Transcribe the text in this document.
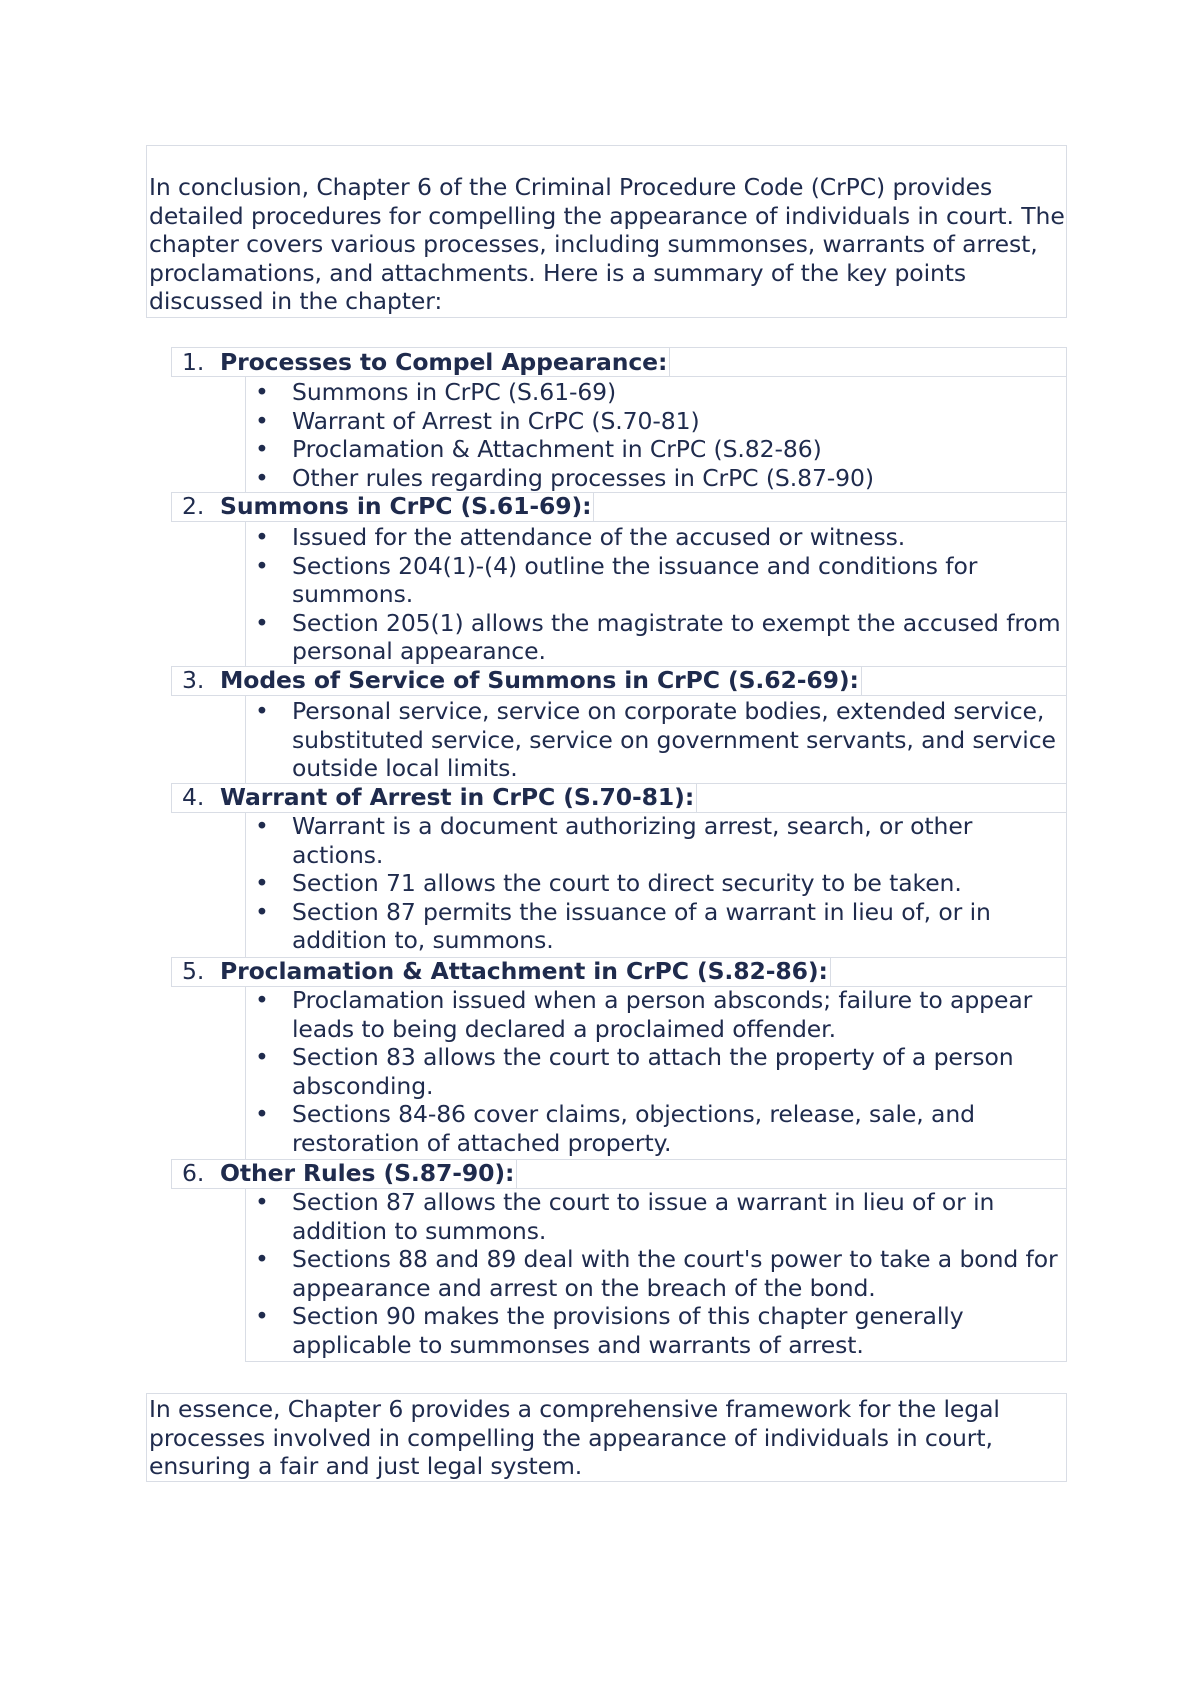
In conclusion, Chapter 6 of the Criminal Procedure Code (CrPC) provides detailed procedures for compelling the appearance of individuals in court. The chapter covers various processes, including summonses, warrants of arrest, proclamations, and attachments. Here is a summary of the key points discussed in the chapter:

1. Processes to Compel Appearance:
• Summons in CrPC (S.61-69)
• Warrant of Arrest in CrPC (S.70-81)
• Proclamation & Attachment in CrPC (S.82-86)
• Other rules regarding processes in CrPC (S.87-90)
2. Summons in CrPC (S.61-69):
• Issued for the attendance of the accused or witness.
• Sections 204(1)-(4) outline the issuance and conditions for summons.
• Section 205(1) allows the magistrate to exempt the accused from personal appearance.
3. Modes of Service of Summons in CrPC (S.62-69):
• Personal service, service on corporate bodies, extended service, substituted service, service on government servants, and service outside local limits.
4. Warrant of Arrest in CrPC (S.70-81):
• Warrant is a document authorizing arrest, search, or other actions.
• Section 71 allows the court to direct security to be taken.
• Section 87 permits the issuance of a warrant in lieu of, or in addition to, summons.
5. Proclamation & Attachment in CrPC (S.82-86):
• Proclamation issued when a person absconds; failure to appear leads to being declared a proclaimed offender.
• Section 83 allows the court to attach the property of a person absconding.
• Sections 84-86 cover claims, objections, release, sale, and restoration of attached property.
6. Other Rules (S.87-90):
• Section 87 allows the court to issue a warrant in lieu of or in addition to summons.
• Sections 88 and 89 deal with the court's power to take a bond for appearance and arrest on the breach of the bond.
• Section 90 makes the provisions of this chapter generally applicable to summonses and warrants of arrest.

In essence, Chapter 6 provides a comprehensive framework for the legal processes involved in compelling the appearance of individuals in court, ensuring a fair and just legal system.
